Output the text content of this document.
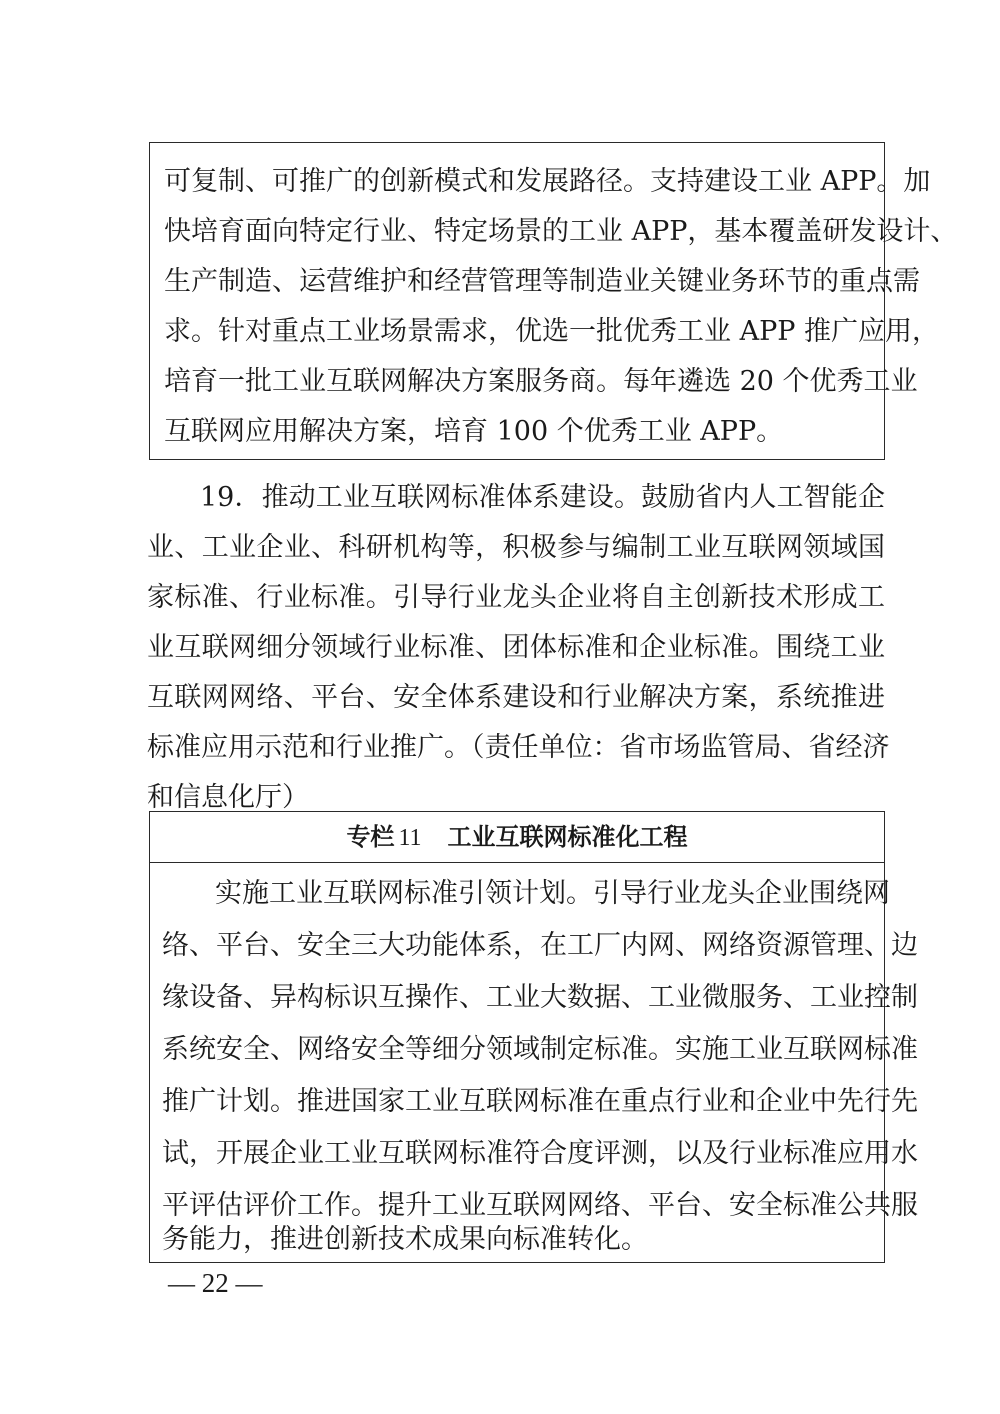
可复制、可推广的创新模式和发展路径。支持建设工业 APP。加
快培育面向特定行业、特定场景的工业 APP，基本覆盖研发设计、
生产制造、运营维护和经营管理等制造业关键业务环节的重点需
求。针对重点工业场景需求，优选一批优秀工业 APP 推广应用，
培育一批工业互联网解决方案服务商。每年遴选 20 个优秀工业
互联网应用解决方案，培育 100 个优秀工业 APP。
19．推动工业互联网标准体系建设。鼓励省内人工智能企
业、工业企业、科研机构等，积极参与编制工业互联网领域国
家标准、行业标准。引导行业龙头企业将自主创新技术形成工
业互联网细分领域行业标准、团体标准和企业标准。围绕工业
互联网网络、平台、安全体系建设和行业解决方案，系统推进
标准应用示范和行业推广。（责任单位：省市场监管局、省经济
和信息化厅）
专栏 11 工业互联网标准化工程
实施工业互联网标准引领计划。引导行业龙头企业围绕网
络、平台、安全三大功能体系，在工厂内网、网络资源管理、边
缘设备、异构标识互操作、工业大数据、工业微服务、工业控制
系统安全、网络安全等细分领域制定标准。实施工业互联网标准
推广计划。推进国家工业互联网标准在重点行业和企业中先行先
试，开展企业工业互联网标准符合度评测，以及行业标准应用水
平评估评价工作。提升工业互联网网络、平台、安全标准公共服
务能力，推进创新技术成果向标准转化。
— 22 —
